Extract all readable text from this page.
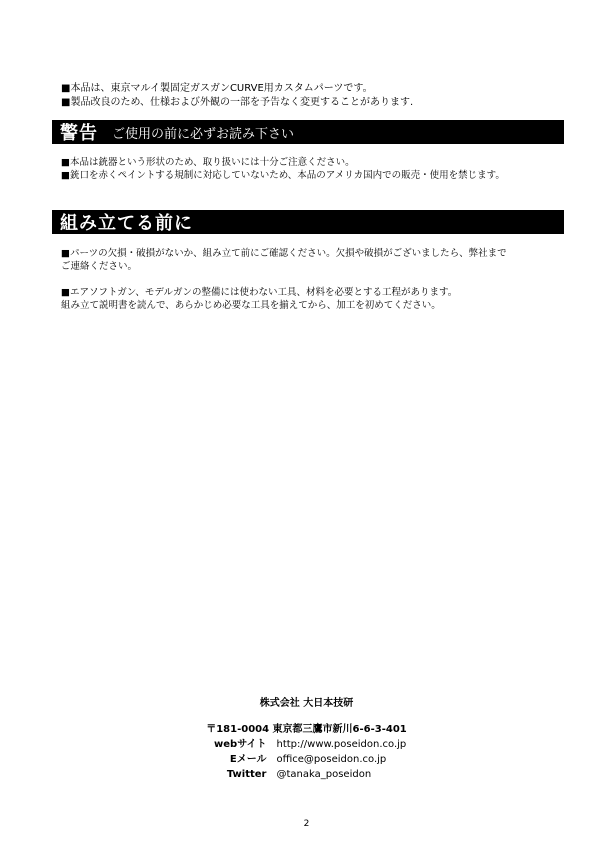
■本品は、東京マルイ製固定ガスガンCURVE用カスタムパーツです。

■製品改良のため、仕様および外観の一部を予告なく変更することがあります.

警告 ご使用の前に必ずお読み下さい

■本品は銃器という形状のため、取り扱いには十分ご注意ください。

■銃口を赤くペイントする規制に対応していないため、本品のアメリカ国内での販売・使用を禁じます。

組み立てる前に

■パーツの欠損・破損がないか、組み立て前にご確認ください。欠損や破損がございましたら、弊社まで

ご連絡ください。

■エアソフトガン、モデルガンの整備には使わない工具、材料を必要とする工程があります。

組み立て説明書を読んで、あらかじめ必要な工具を揃えてから、加工を初めてください。

株式会社 大日本技研
〒181-0004 東京都三鷹市新川6-6-3-401
webサイト http://www.poseidon.co.jp
Eメール office@poseidon.co.jp
Twitter @tanaka_poseidon
2
